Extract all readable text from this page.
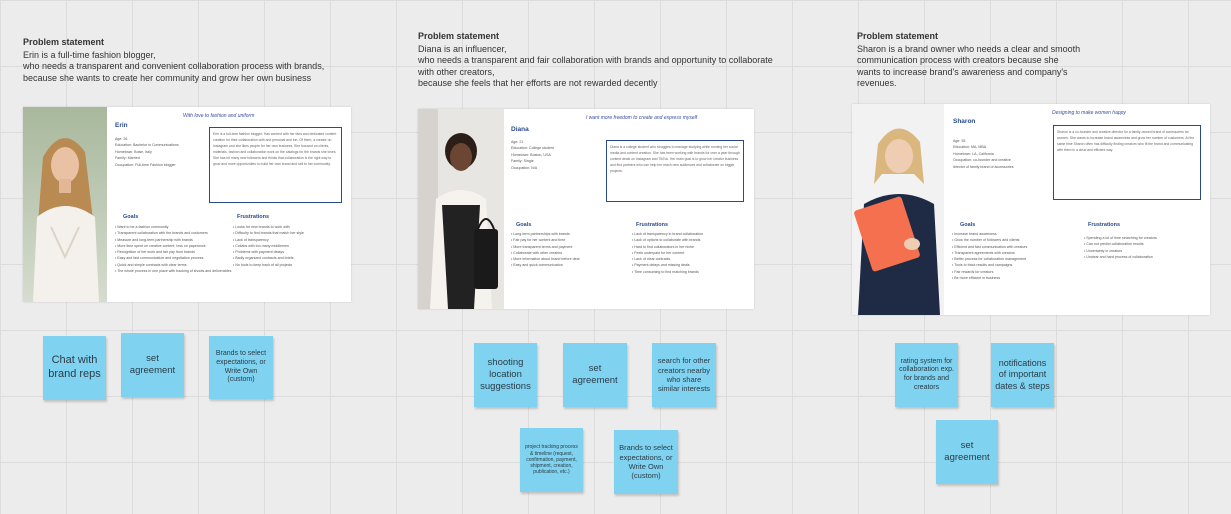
Problem statement
Erin is a full-time fashion blogger,
who needs a transparent and convenient collaboration process with brands,
because she wants to create her community and grow her own business
With love to fashion and uniform
Erin
Age: 26
Education: Bachelor in Communications
Hometown: Boise, Italy
Family: Married
Occupation: Full-time Fashion blogger
Erin is a full-time fashion blogger. Has worked with her fans and dedicated content creation for their collaboration with and personal and fun. Of them, a creator on Instagram and she likes people for her own business. She focused on clients, materials, fashion and collaboration work on the catalogs for the brands she loves. She has hit many new followers and thinks that collaboration is the right way to grow and more opportunities to build her own brand and sell to her community.
Goals
• Want to be a fashion community
• Transparent collaboration with the brands and customers
• Measure and long-term partnership with brands
• More time spent on creative content, less on paperwork
• Recognition of her work and fair pay from brands
• Easy and fast communication and negotiation process
• Quick and simple contracts with clear terms
• The whole process in one place with tracking of shoots and deliverables
Frustrations
• Looks for new brands to work with
• Difficulty to find brands that match her style
• Lack of transparency
• Collabs with too many middlemen
• Problems with payment delays
• Badly organized contracts and briefs
• No tools to keep track of all projects
Chat with brand reps
set agreement
Brands to select expectations, or Write Own (custom)
Problem statement
Diana is an influencer,
who needs a transparent and fair collaboration with brands and opportunity to collaborate
with other creators,
because she feels that her efforts are not rewarded decently
I want more freedom to create and express myself
Diana
Age: 21
Education: College student
Hometown: Boston, USA
Family: Single
Occupation: N/A
Diana is a college student who struggles to manage studying while running her social media and content creation. She has been working with brands for over a year through content deals on Instagram and TikTok. Her main goal is to grow her creator business and find partners who can help her reach new audiences and collaborate on bigger projects.
Goals
• Long-term partnerships with brands
• Fair pay for her content and time
• More transparent terms and payment
• Collaborate with other creators
• More information about brand before deal
• Easy and quick communication
Frustrations
• Lack of transparency in brand collaboration
• Lack of options to collaborate with brands
• Hard to find collaborators in her niche
• Feels underpaid for her content
• Lack of clear contracts
• Payment delays and missing deals
• Time consuming to find matching brands
shooting location suggestions
set agreement
search for other creators nearby who share similar interests
project tracking process & timeline (request, confirmation, payment, shipment, creation, publication, etc.)
Brands to select expectations, or Write Own (custom)
Problem statement
Sharon is a brand owner who needs a clear and smooth
communication process with creators because she
wants to increase brand's awareness and company's
revenues.
Designing to make women happy
Sharon
Age: 35
Education: MA, MBA
Hometown: LA, California
Occupation: co-founder and creative
director of family brand of accessories
Sharon is a co-founder and creative director for a family-owned brand of accessories for women. She wants to increase brand awareness and grow her number of customers. At the same time Sharon often has difficulty finding creators who fit the brand and communicating with them in a clear and efficient way.
Goals
• Increase brand awareness
• Grow the number of followers and clients
• Efficient and fast communication with creators
• Transparent agreements with creators
• Better process for collaboration management
• Tools to track results and campaigns
• Fair rewards for creators
• Be more efficient in business
Frustrations
• Spending a lot of time searching for creators
• Can not predict collaboration results
• Uncertainty in creators
• Unclear and hard process of collaboration
rating system for collaboration exp. for brands and creators
notifications of important dates & steps
set agreement
